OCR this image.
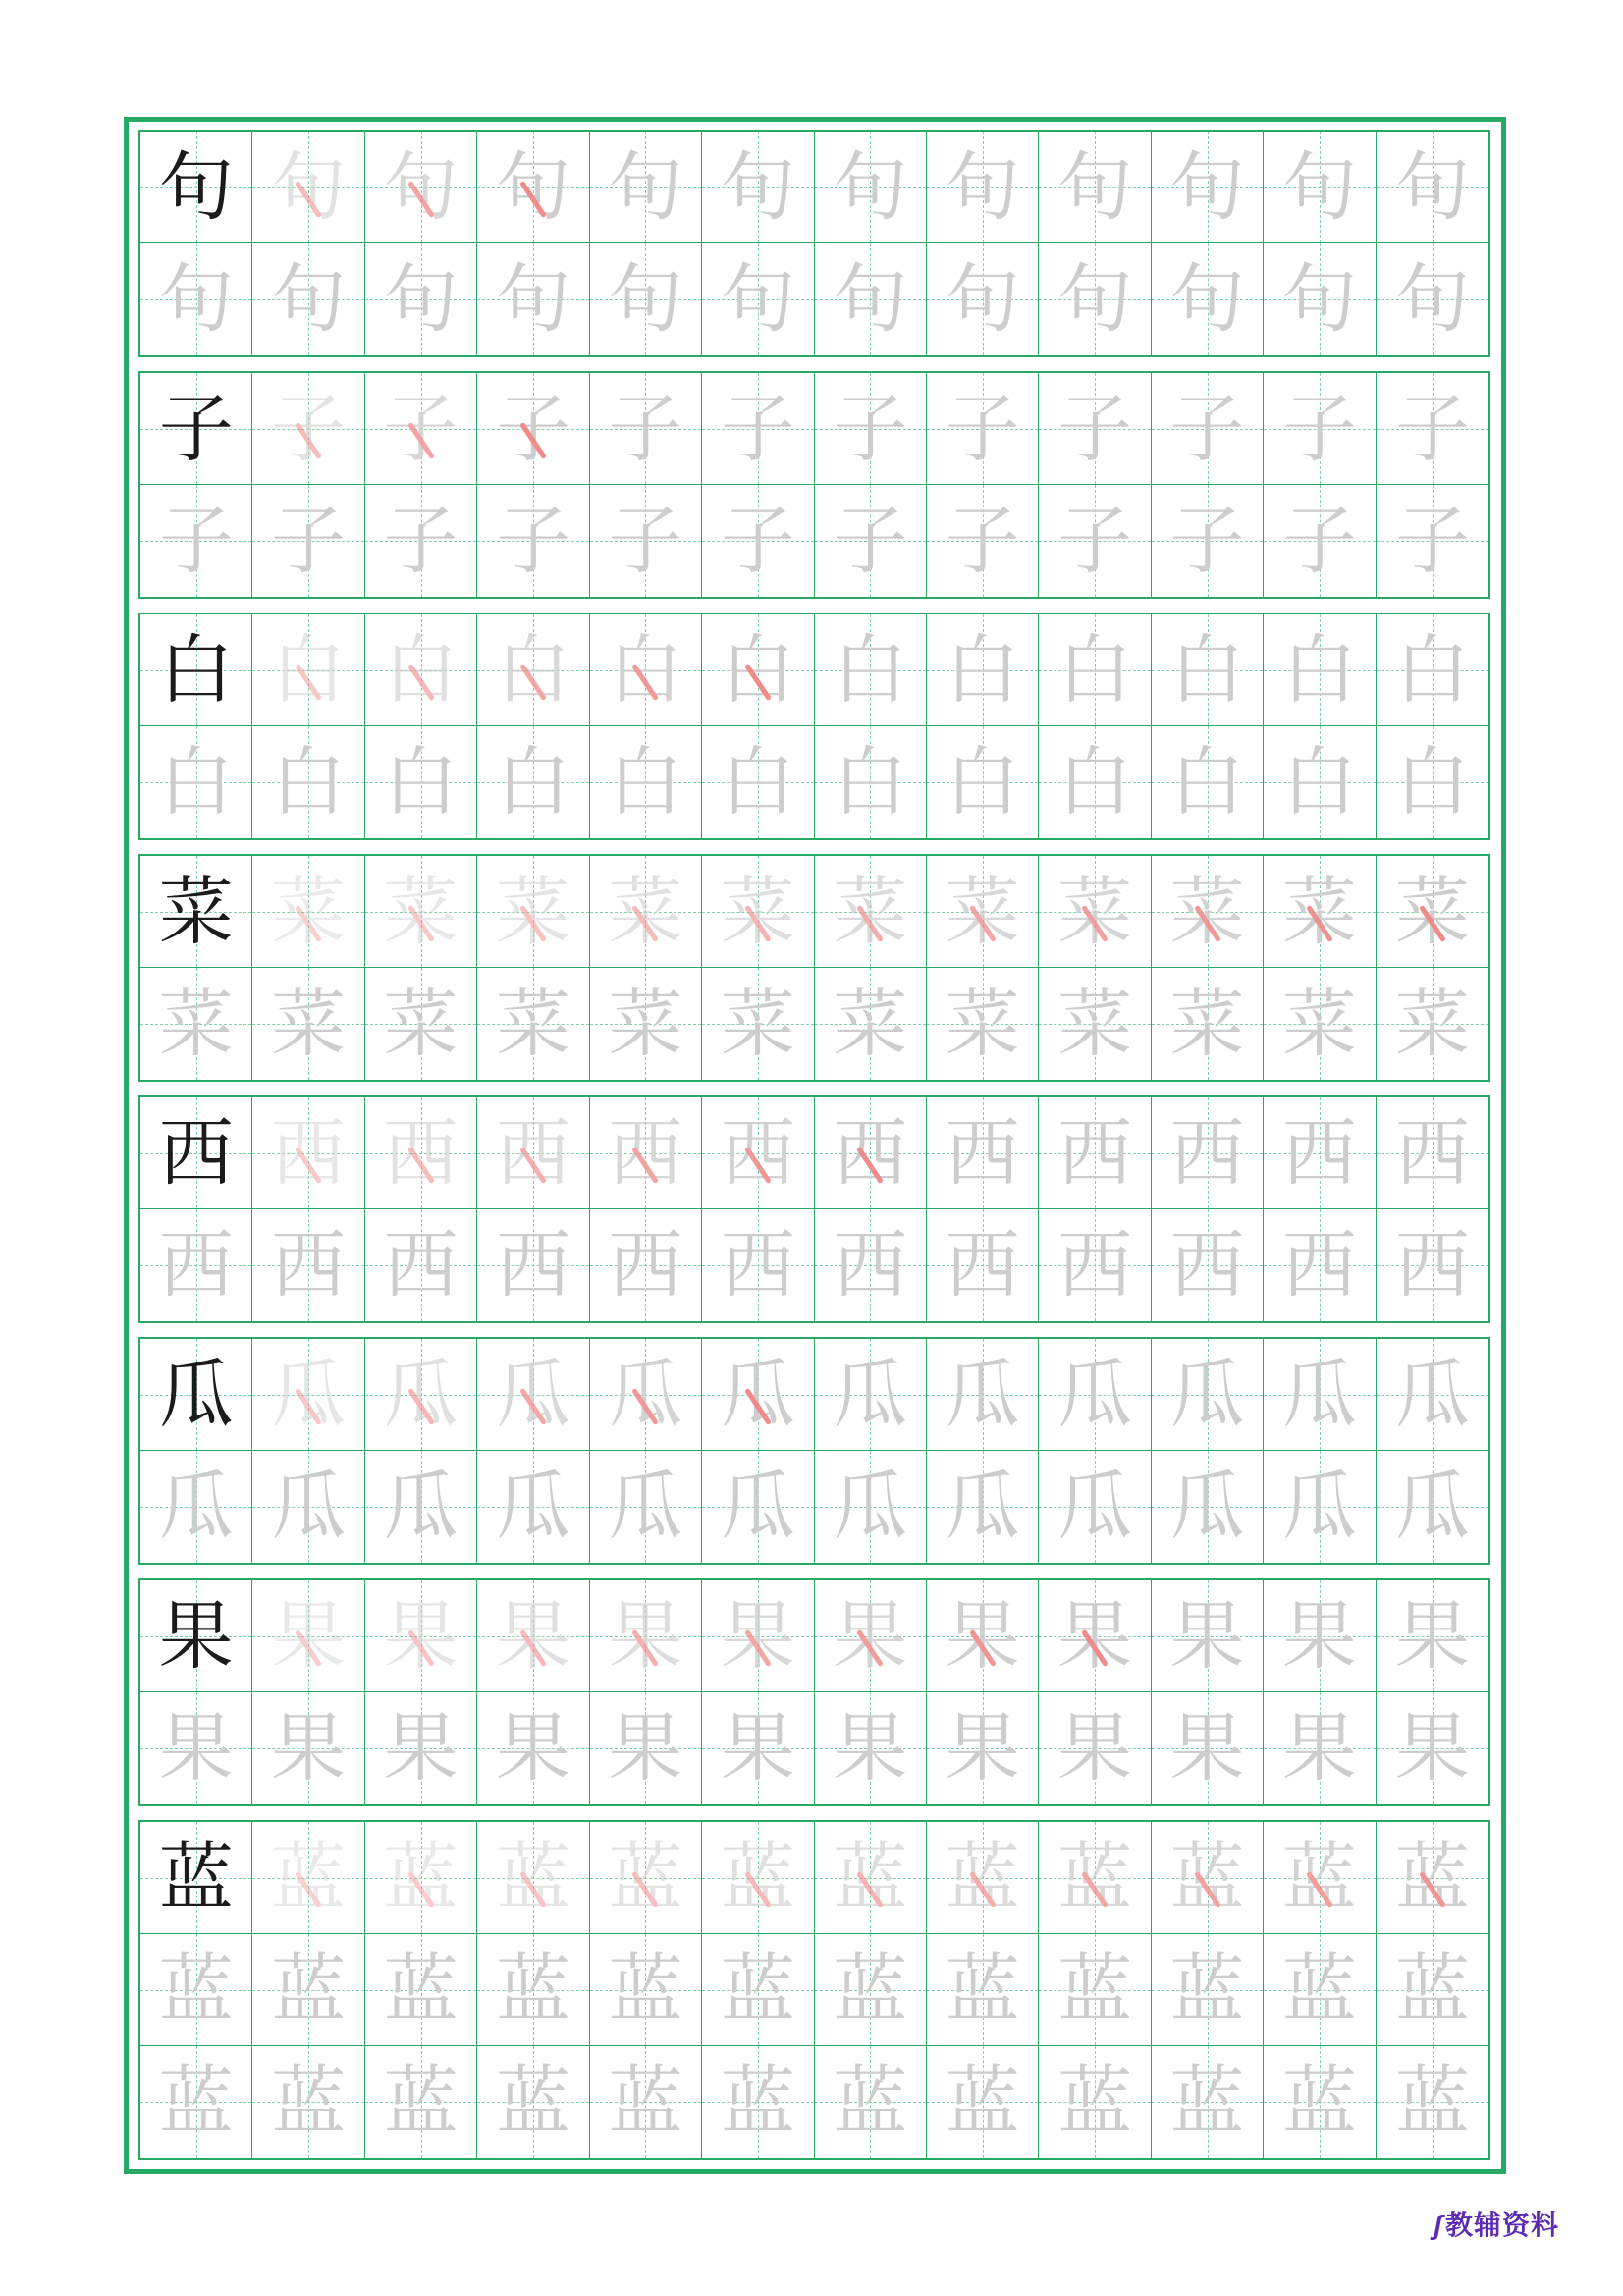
句 句 句 句 句 句 句 句 句 句 句 句
句 句 句 句 句 句 句 句 句 句 句 句
子 子 子 子 子 子 子 子 子 子 子 子
子 子 子 子 子 子 子 子 子 子 子 子
白 白 白 白 白 白 白 白 白 白 白 白
白 白 白 白 白 白 白 白 白 白 白 白
菜 菜 菜 菜 菜 菜 菜 菜 菜 菜 菜 菜
菜 菜 菜 菜 菜 菜 菜 菜 菜 菜 菜 菜
西 西 西 西 西 西 西 西 西 西 西 西
西 西 西 西 西 西 西 西 西 西 西 西
瓜 瓜 瓜 瓜 瓜 瓜 瓜 瓜 瓜 瓜 瓜 瓜
瓜 瓜 瓜 瓜 瓜 瓜 瓜 瓜 瓜 瓜 瓜 瓜
果 果 果 果 果 果 果 果 果 果 果 果
果 果 果 果 果 果 果 果 果 果 果 果
蓝 蓝 蓝 蓝 蓝 蓝 蓝 蓝 蓝 蓝 蓝 蓝
蓝 蓝 蓝 蓝 蓝 蓝 蓝 蓝 蓝 蓝 蓝 蓝
蓝 蓝 蓝 蓝 蓝 蓝 蓝 蓝 蓝 蓝 蓝 蓝
ʃ教辅资料
